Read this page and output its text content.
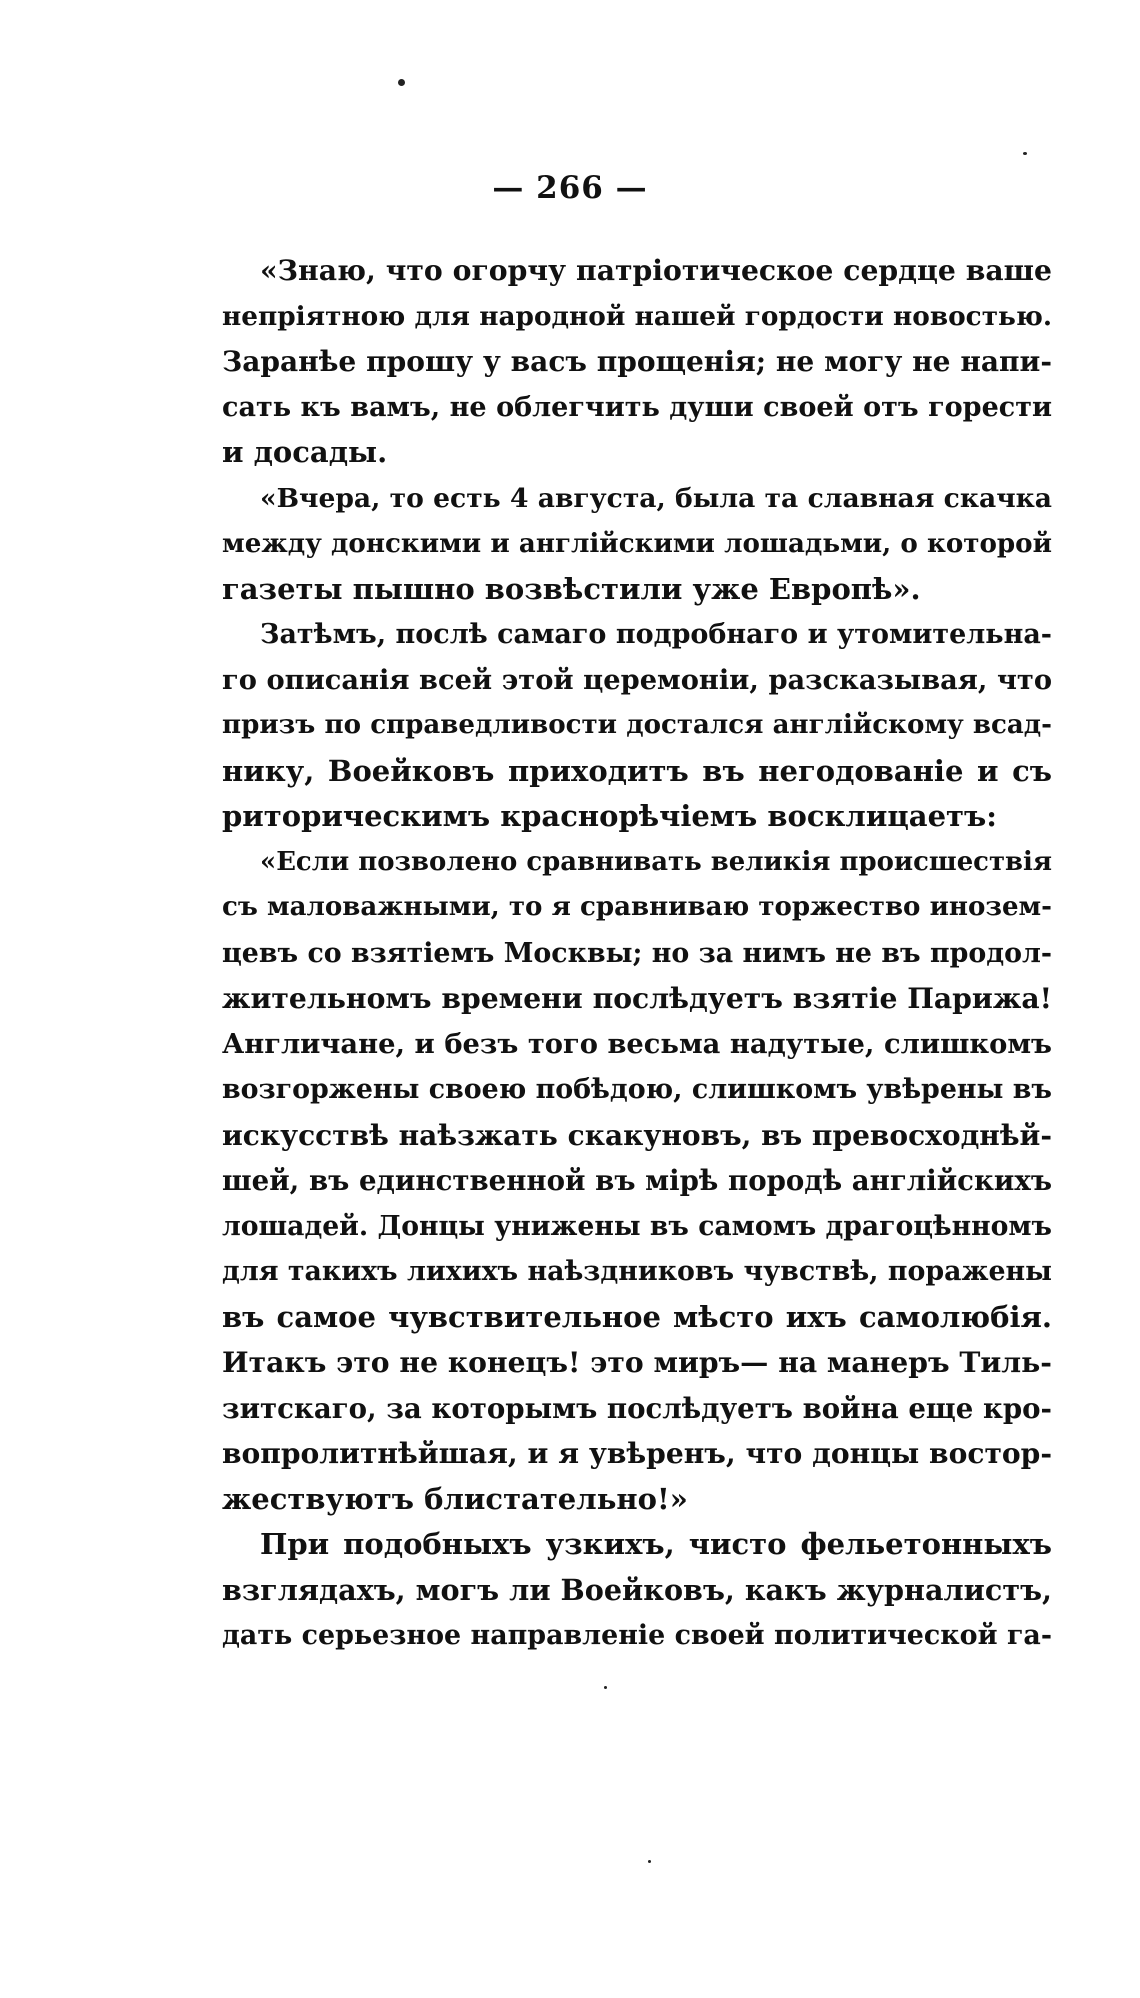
— 266 —
«Знаю, что огорчу патріотическое сердце ваше
непріятною для народной нашей гордости новостью.
Заранѣе прошу у васъ прощенія; не могу не напи-
сать къ вамъ, не облегчить души своей отъ горести
и досады.
«Вчера, то есть 4 августа, была та славная скачка
между донскими и англійскими лошадьми, о которой
газеты пышно возвѣстили уже Европѣ».
Затѣмъ, послѣ самаго подробнаго и утомительна-
го описанія всей этой церемоніи, разсказывая, что
призъ по справедливости достался англійскому всад-
нику, Воейковъ приходитъ въ негодованіе и съ
риторическимъ краснорѣчіемъ восклицаетъ:
«Если позволено сравнивать великія происшествія
съ маловажными, то я сравниваю торжество инозем-
цевъ со взятіемъ Москвы; но за нимъ не въ продол-
жительномъ времени послѣдуетъ взятіе Парижа!
Англичане, и безъ того весьма надутые, слишкомъ
возгоржены своею побѣдою, слишкомъ увѣрены въ
искусствѣ наѣзжать скакуновъ, въ превосходнѣй-
шей, въ единственной въ мірѣ породѣ англійскихъ
лошадей. Донцы унижены въ самомъ драгоцѣнномъ
для такихъ лихихъ наѣздниковъ чувствѣ, поражены
въ самое чувствительное мѣсто ихъ самолюбія.
Итакъ это не конецъ! это миръ— на манеръ Тиль-
зитскаго, за которымъ послѣдуетъ война еще кро-
вопролитнѣйшая, и я увѣренъ, что донцы востор-
жествуютъ блистательно!»
При подобныхъ узкихъ, чисто фельетонныхъ
взглядахъ, могъ ли Воейковъ, какъ журналистъ,
дать серьезное направленіе своей политической га-
